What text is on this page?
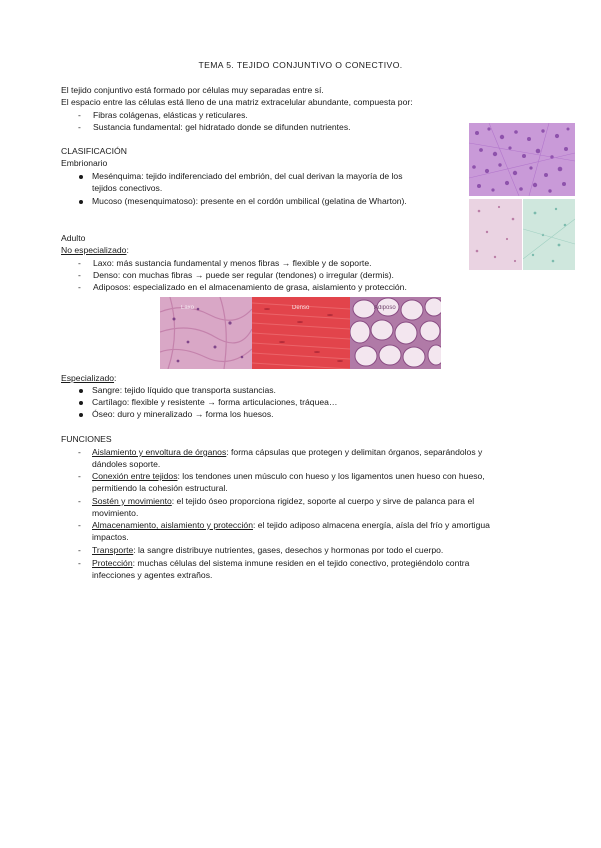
TEMA 5. TEJIDO CONJUNTIVO O CONECTIVO.
El tejido conjuntivo está formado por células muy separadas entre sí.
El espacio entre las células está lleno de una matriz extracelular abundante, compuesta por:
- Fibras colágenas, elásticas y reticulares.
- Sustancia fundamental: gel hidratado donde se difunden nutrientes.
CLASIFICACIÓN
Embrionario
Mesénquima: tejido indiferenciado del embrión, del cual derivan la mayoría de los
tejidos conectivos.
Mucoso (mesenquimatoso): presente en el cordón umbilical (gelatina de Wharton).
Adulto
No especializado:
- Laxo: más sustancia fundamental y menos fibras → flexible y de soporte.
- Denso: con muchas fibras → puede ser regular (tendones) o irregular (dermis).
- Adiposos: especializado en el almacenamiento de grasa, aislamiento y protección.
Laxo	Denso	Adiposo
Especializado:
Sangre: tejido líquido que transporta sustancias.
Cartílago: flexible y resistente → forma articulaciones, tráquea…
Óseo: duro y mineralizado → forma los huesos.
FUNCIONES
- Aislamiento y envoltura de órganos: forma cápsulas que protegen y delimitan órganos, separándolos y
dándoles soporte.
- Conexión entre tejidos: los tendones unen músculo con hueso y los ligamentos unen hueso con hueso,
permitiendo la cohesión estructural.
- Sostén y movimiento: el tejido óseo proporciona rigidez, soporte al cuerpo y sirve de palanca para el
movimiento.
- Almacenamiento, aislamiento y protección: el tejido adiposo almacena energía, aísla del frío y amortigua
impactos.
- Transporte: la sangre distribuye nutrientes, gases, desechos y hormonas por todo el cuerpo.
- Protección: muchas células del sistema inmune residen en el tejido conectivo, protegiéndolo contra
infecciones y agentes extraños.
